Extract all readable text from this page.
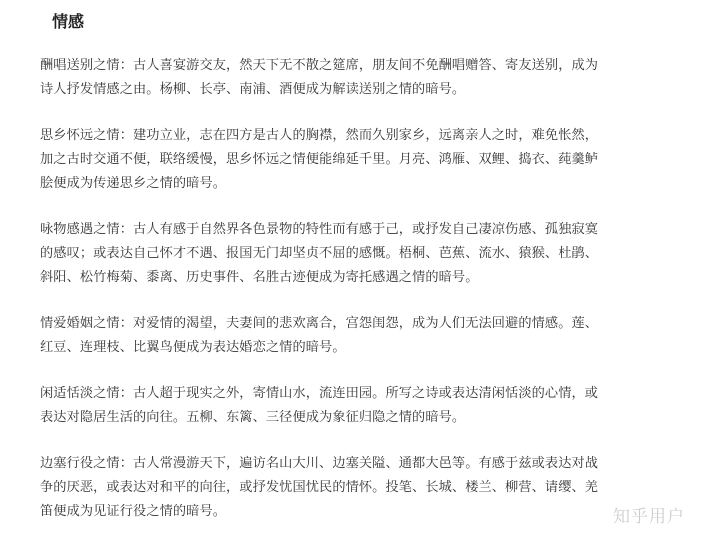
情感

酬唱送别之情：古人喜宴游交友，然天下无不散之筵席，朋友间不免酬唱赠答、寄友送别，成为
诗人抒发情感之由。杨柳、长亭、南浦、酒便成为解读送别之情的暗号。

思乡怀远之情：建功立业，志在四方是古人的胸襟，然而久别家乡，远离亲人之时，难免怅然，
加之古时交通不便，联络缓慢，思乡怀远之情便能绵延千里。月亮、鸿雁、双鲤、捣衣、莼羹鲈
脍便成为传递思乡之情的暗号。

咏物感遇之情：古人有感于自然界各色景物的特性而有感于己，或抒发自己凄凉伤感、孤独寂寞
的感叹；或表达自己怀才不遇、报国无门却坚贞不屈的感慨。梧桐、芭蕉、流水、猿猴、杜鹃、
斜阳、松竹梅菊、黍离、历史事件、名胜古迹便成为寄托感遇之情的暗号。

情爱婚姻之情：对爱情的渴望，夫妻间的悲欢离合，宫怨闺怨，成为人们无法回避的情感。莲、
红豆、连理枝、比翼鸟便成为表达婚恋之情的暗号。

闲适恬淡之情：古人超于现实之外，寄情山水，流连田园。所写之诗或表达清闲恬淡的心情，或
表达对隐居生活的向往。五柳、东篱、三径便成为象征归隐之情的暗号。

边塞行役之情：古人常漫游天下，遍访名山大川、边塞关隘、通都大邑等。有感于兹或表达对战
争的厌恶，或表达对和平的向往，或抒发忧国忧民的情怀。投笔、长城、楼兰、柳营、请缨、羌
笛便成为见证行役之情的暗号。	知乎用户
